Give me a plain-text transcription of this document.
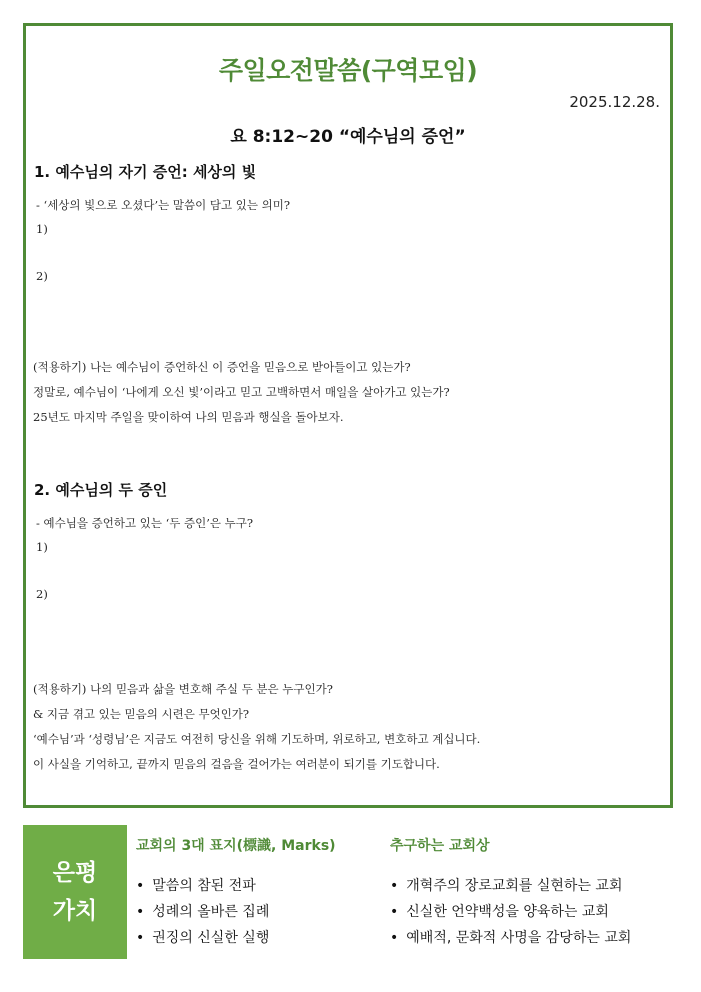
주일오전말씀(구역모임)
2025.12.28.
요 8:12~20 “예수님의 증언”
1. 예수님의 자기 증언: 세상의 빛
- ‘세상의 빛으로 오셨다’는 말씀이 담고 있는 의미?
1)
2)
(적용하기) 나는 예수님이 증언하신 이 증언을 믿음으로 받아들이고 있는가?
정말로, 예수님이 ‘나에게 오신 빛’이라고 믿고 고백하면서 매일을 살아가고 있는가?
25년도 마지막 주일을 맞이하여 나의 믿음과 행실을 돌아보자.
2. 예수님의 두 증인
- 예수님을 증언하고 있는 ‘두 증인’은 누구?
1)
2)
(적용하기) 나의 믿음과 삶을 변호해 주실 두 분은 누구인가?
& 지금 겪고 있는 믿음의 시련은 무엇인가?
‘예수님’과 ‘성령님’은 지금도 여전히 당신을 위해 기도하며, 위로하고, 변호하고 계십니다.
이 사실을 기억하고, 끝까지 믿음의 걸음을 걸어가는 여러분이 되기를 기도합니다.
은평
가치
교회의 3대 표지(標識, Marks)
• 말씀의 참된 전파
• 성례의 올바른 집례
• 권징의 신실한 실행
추구하는 교회상
• 개혁주의 장로교회를 실현하는 교회
• 신실한 언약백성을 양육하는 교회
• 예배적, 문화적 사명을 감당하는 교회
